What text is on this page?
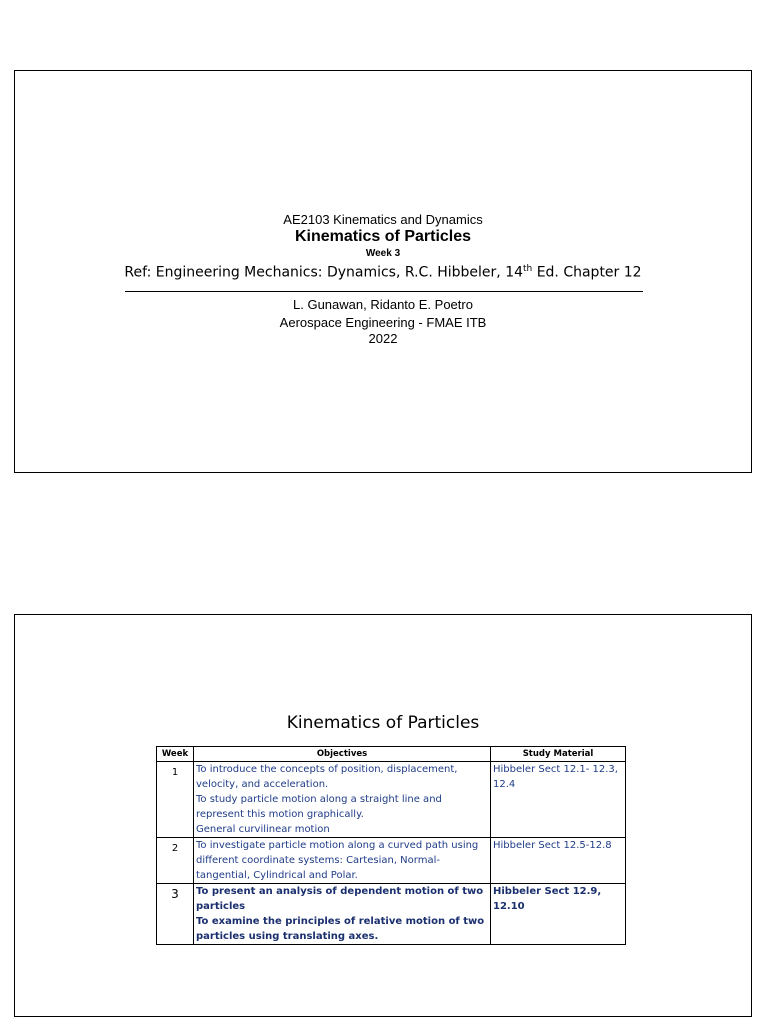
AE2103 Kinematics and Dynamics
Kinematics of Particles
Week 3
Ref: Engineering Mechanics: Dynamics, R.C. Hibbeler, 14th Ed. Chapter 12
L. Gunawan, Ridanto E. Poetro
Aerospace Engineering - FMAE ITB
2022
Kinematics of Particles
Week	Objectives	Study Material
1	To introduce the concepts of position, displacement, velocity, and acceleration.
To study particle motion along a straight line and represent this motion graphically.
General curvilinear motion	Hibbeler Sect 12.1- 12.3, 12.4
2	To investigate particle motion along a curved path using different coordinate systems: Cartesian, Normal-tangential, Cylindrical and Polar.	Hibbeler Sect 12.5-12.8
3	To present an analysis of dependent motion of two particles
To examine the principles of relative motion of two particles using translating axes.	Hibbeler Sect 12.9, 12.10
